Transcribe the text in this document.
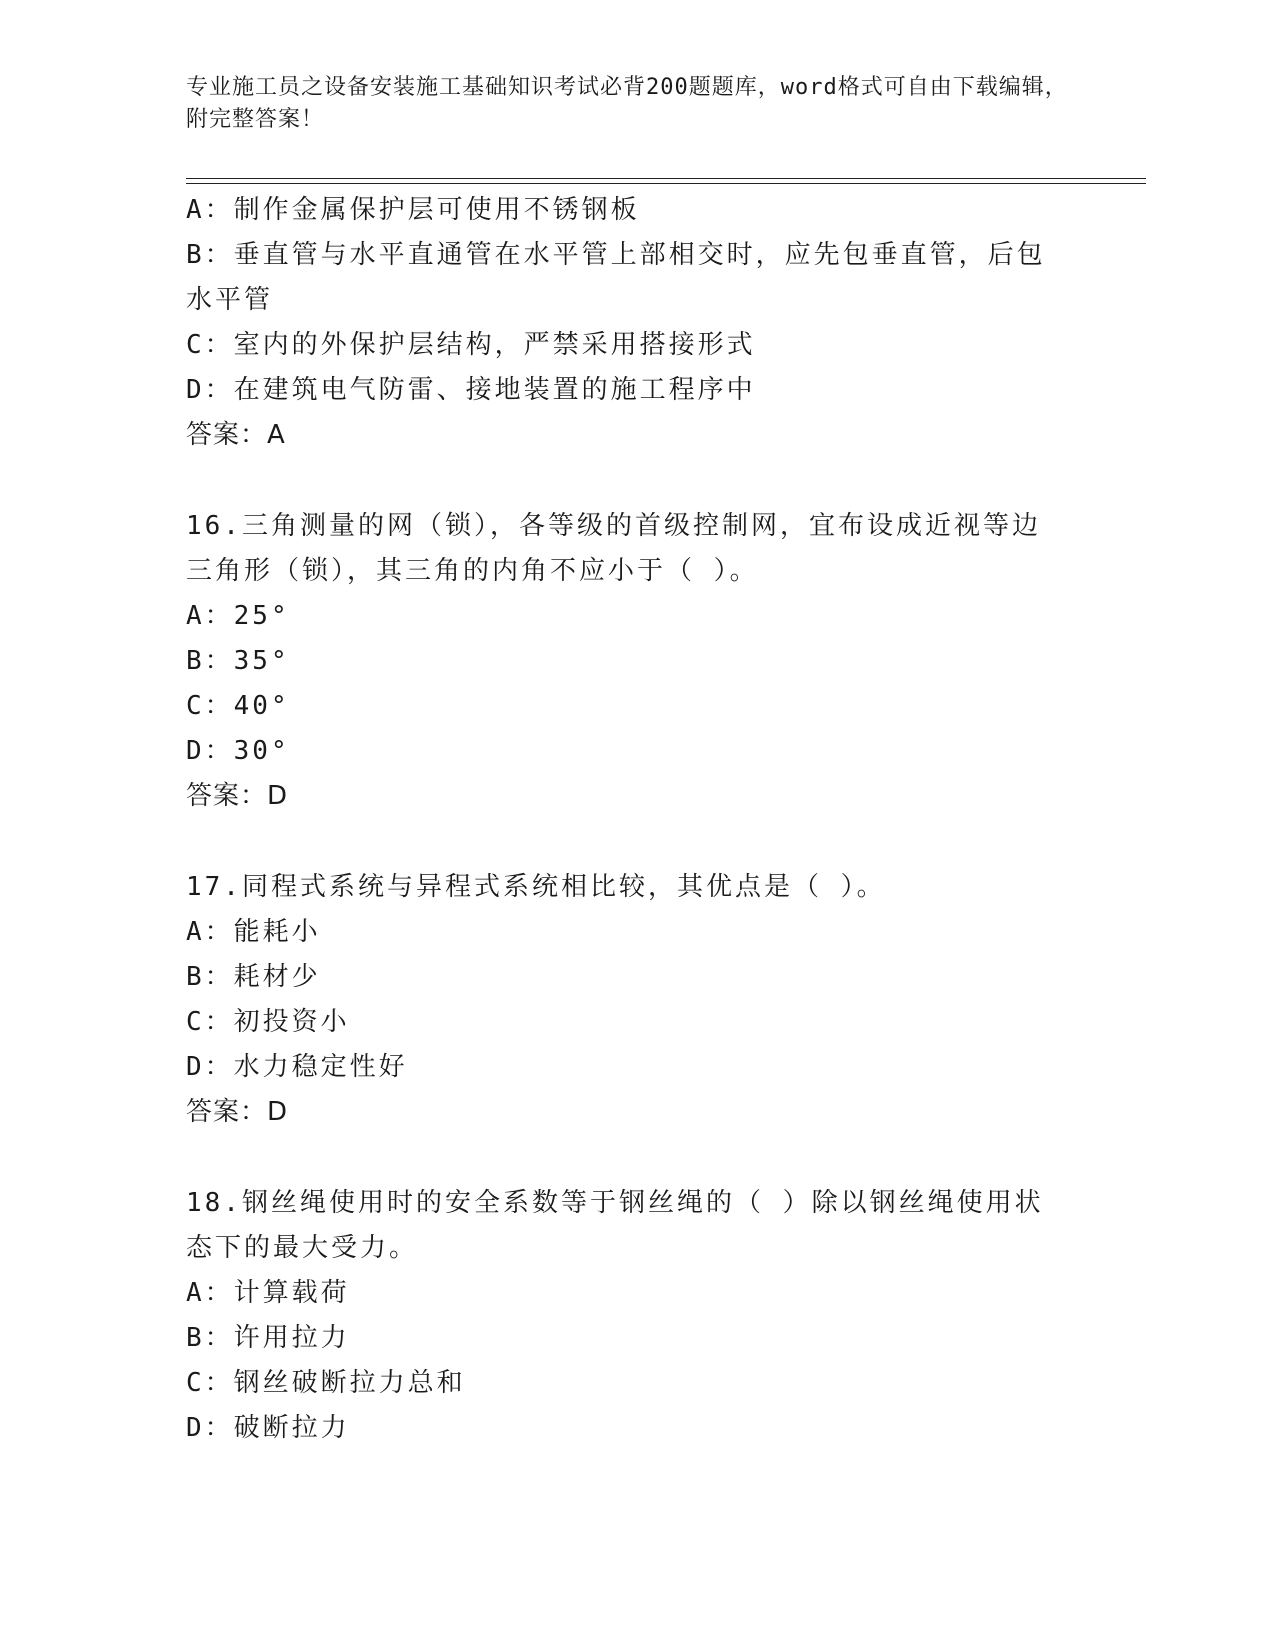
专业施工员之设备安装施工基础知识考试必背200题题库，word格式可自由下载编辑，附完整答案！
A：制作金属保护层可使用不锈钢板
B：垂直管与水平直通管在水平管上部相交时，应先包垂直管，后包水平管
C：室内的外保护层结构，严禁采用搭接形式
D：在建筑电气防雷、接地装置的施工程序中
答案：A
16.三角测量的网（锁），各等级的首级控制网，宜布设成近视等边三角形（锁），其三角的内角不应小于（ ）。
A：25°
B：35°
C：40°
D：30°
答案：D
17.同程式系统与异程式系统相比较，其优点是（ ）。
A：能耗小
B：耗材少
C：初投资小
D：水力稳定性好
答案：D
18.钢丝绳使用时的安全系数等于钢丝绳的（ ）除以钢丝绳使用状态下的最大受力。
A：计算载荷
B：许用拉力
C：钢丝破断拉力总和
D：破断拉力
